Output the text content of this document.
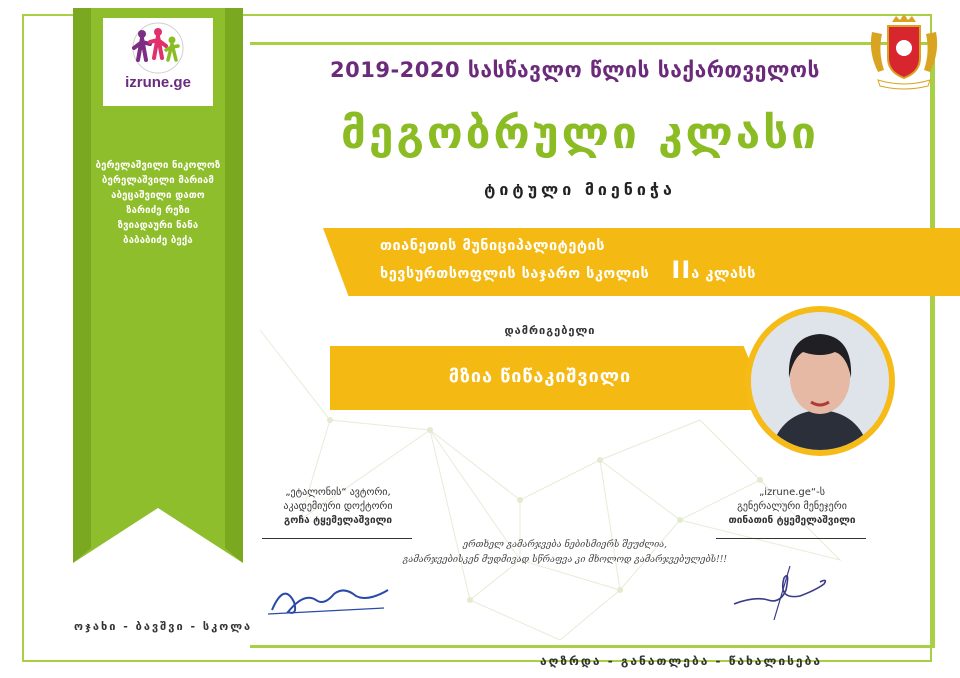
izrune.ge
ბერელაშვილი ნიკოლოზ
ბერელაშვილი მარიამ
აბეცაშვილი დათო
ზარიძე რეზი
ზვიადაური ნანა
ბაბაბიძე ბექა
2019-2020 სასწავლო წლის საქართველოს
მეგობრული კლასი
ტიტული მიენიჭა
თიანეთის მუნიციპალიტეტის
ხევსურთსოფლის საჯარო სკოლის IIა კლასს
დამრიგებელი
მზია წიწაკიშვილი
„ეტალონის“ ავტორი,
აკადემიური დოქტორი
გოჩა ტყემელაშვილი
„izrune.ge“-ს
გენერალური მენეჯერი
თინათინ ტყემელაშვილი
ერთხელ გამარჯვება ნებისმიერს შეუძლია,
გამარჯვებისკენ მუდმივად სწრაფვა კი მხოლოდ გამარჯვებულებს!!!
ოჯახი - ბავშვი - სკოლა
აღზრდა - განათლება - წახალისება
